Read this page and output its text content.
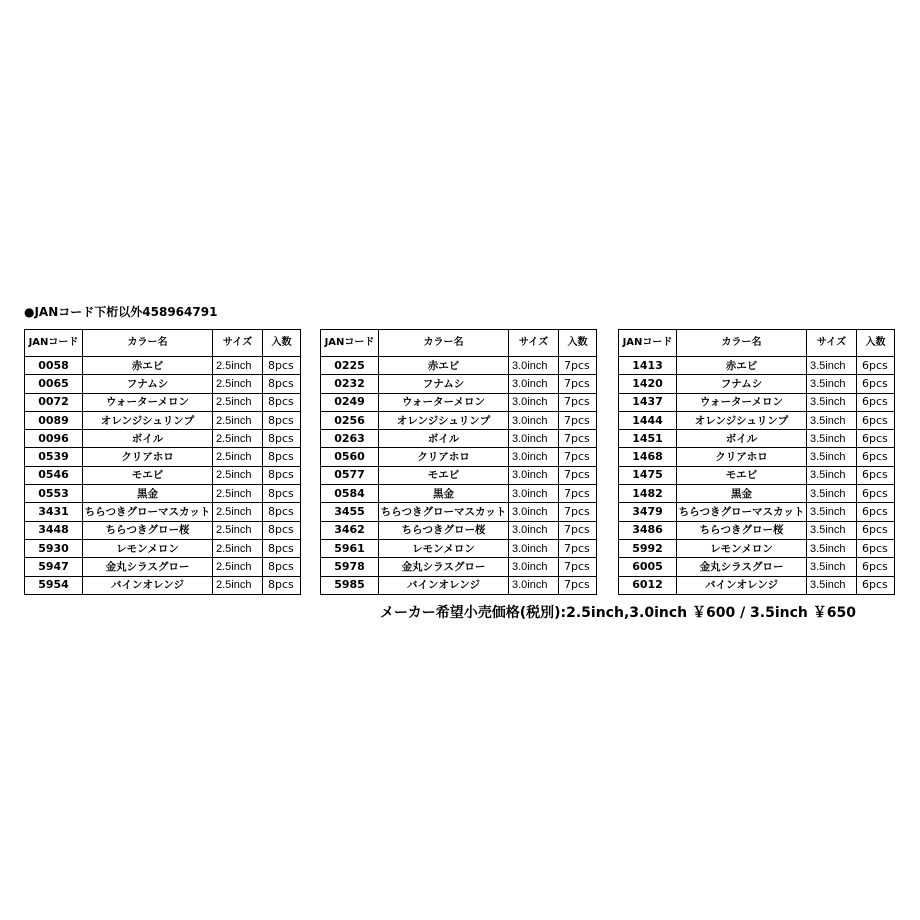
●JANコード下桁以外458964791
JANコード	カラー名	サイズ	入数
0058	赤エビ	2.5inch	8pcs
0065	フナムシ	2.5inch	8pcs
0072	ウォーターメロン	2.5inch	8pcs
0089	オレンジシュリンプ	2.5inch	8pcs
0096	ボイル	2.5inch	8pcs
0539	クリアホロ	2.5inch	8pcs
0546	モエビ	2.5inch	8pcs
0553	黒金	2.5inch	8pcs
3431	ちらつきグローマスカット	2.5inch	8pcs
3448	ちらつきグロー桜	2.5inch	8pcs
5930	レモンメロン	2.5inch	8pcs
5947	金丸シラスグロー	2.5inch	8pcs
5954	バインオレンジ	2.5inch	8pcs
JANコード	カラー名	サイズ	入数
0225	赤エビ	3.0inch	7pcs
0232	フナムシ	3.0inch	7pcs
0249	ウォーターメロン	3.0inch	7pcs
0256	オレンジシュリンプ	3.0inch	7pcs
0263	ボイル	3.0inch	7pcs
0560	クリアホロ	3.0inch	7pcs
0577	モエビ	3.0inch	7pcs
0584	黒金	3.0inch	7pcs
3455	ちらつきグローマスカット	3.0inch	7pcs
3462	ちらつきグロー桜	3.0inch	7pcs
5961	レモンメロン	3.0inch	7pcs
5978	金丸シラスグロー	3.0inch	7pcs
5985	バインオレンジ	3.0inch	7pcs
JANコード	カラー名	サイズ	入数
1413	赤エビ	3.5inch	6pcs
1420	フナムシ	3.5inch	6pcs
1437	ウォーターメロン	3.5inch	6pcs
1444	オレンジシュリンプ	3.5inch	6pcs
1451	ボイル	3.5inch	6pcs
1468	クリアホロ	3.5inch	6pcs
1475	モエビ	3.5inch	6pcs
1482	黒金	3.5inch	6pcs
3479	ちらつきグローマスカット	3.5inch	6pcs
3486	ちらつきグロー桜	3.5inch	6pcs
5992	レモンメロン	3.5inch	6pcs
6005	金丸シラスグロー	3.5inch	6pcs
6012	バインオレンジ	3.5inch	6pcs
メーカー希望小売価格(税別):2.5inch,3.0inch ￥600 / 3.5inch ￥650
